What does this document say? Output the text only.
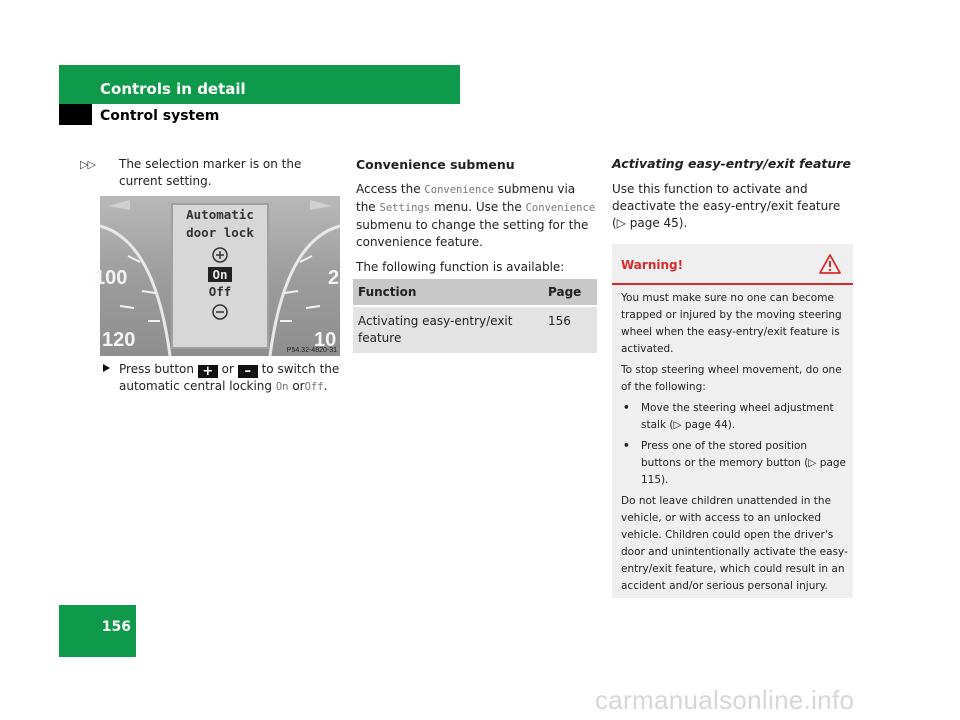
Controls in detail
Control system
▷▷ The selection marker is on the current setting.
Automatic
door lock
On
Off
100
120
2
10
P54.32-4820-31
Press button + or – to switch the automatic central locking On orOff.
Convenience submenu

Access the Convenience submenu via the Settings menu. Use the Convenience submenu to change the setting for the convenience feature.

The following function is available:

Function	Page
Activating easy-entry/exit feature	156
Activating easy-entry/exit feature
Use this function to activate and deactivate the easy-entry/exit feature (▷ page 45).
Warning!

You must make sure no one can become trapped or injured by the moving steering wheel when the easy-entry/exit feature is activated.

To stop steering wheel movement, do one of the following:

• Move the steering wheel adjustment stalk (▷ page 44).
• Press one of the stored position buttons or the memory button (▷ page 115).

Do not leave children unattended in the vehicle, or with access to an unlocked vehicle. Children could open the driver's door and unintentionally activate the easy-entry/exit feature, which could result in an accident and/or serious personal injury.

156
carmanualsonline.info
